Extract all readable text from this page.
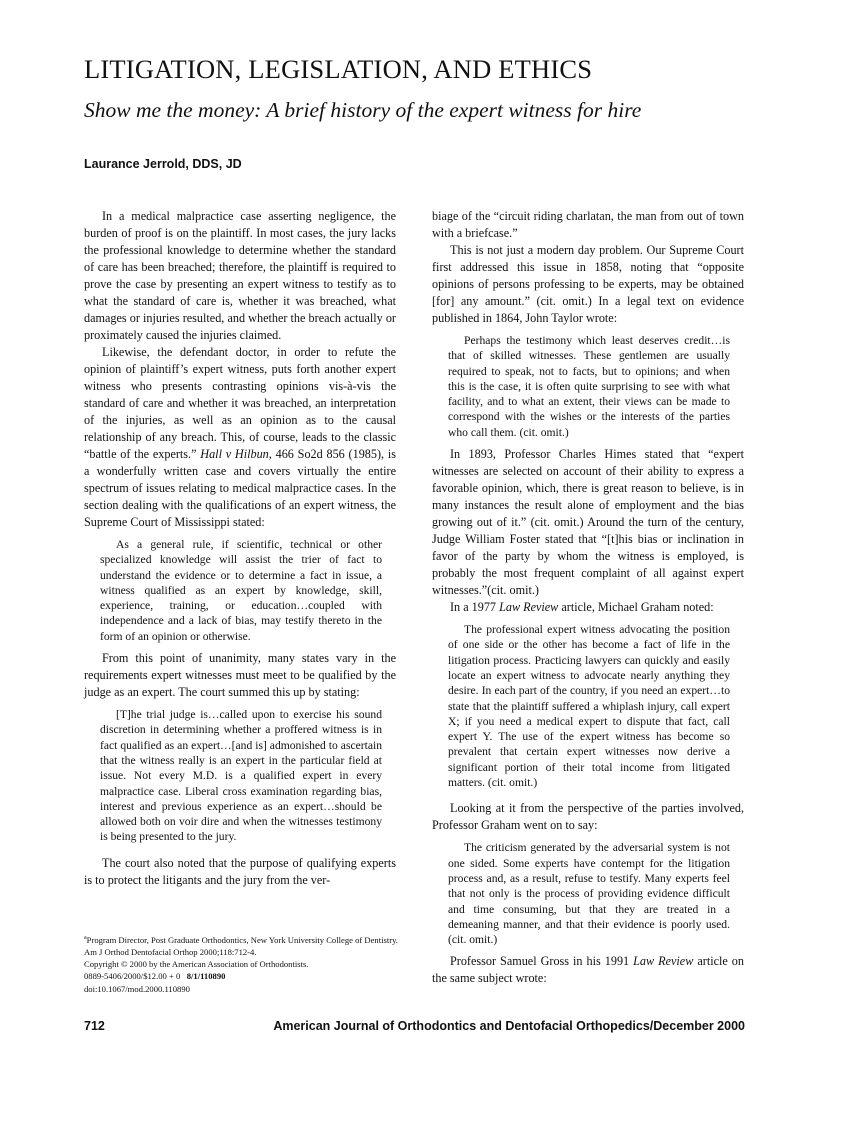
LITIGATION, LEGISLATION, AND ETHICS
Show me the money: A brief history of the expert witness for hire
Laurance Jerrold, DDS, JD

In a medical malpractice case asserting negligence, the burden of proof is on the plaintiff. In most cases, the jury lacks the professional knowledge to determine whether the standard of care has been breached; therefore, the plaintiff is required to prove the case by presenting an expert witness to testify as to what the standard of care is, whether it was breached, what damages or injuries resulted, and whether the breach actually or proximately caused the injuries claimed.

Likewise, the defendant doctor, in order to refute the opinion of plaintiff’s expert witness, puts forth another expert witness who presents contrasting opinions vis-à-vis the standard of care and whether it was breached, an interpretation of the injuries, as well as an opinion as to the causal relationship of any breach. This, of course, leads to the classic “battle of the experts.” Hall v Hilbun, 466 So2d 856 (1985), is a wonderfully written case and covers virtually the entire spectrum of issues relating to medical malpractice cases. In the section dealing with the qualifications of an expert witness, the Supreme Court of Mississippi stated:

As a general rule, if scientific, technical or other specialized knowledge will assist the trier of fact to understand the evidence or to determine a fact in issue, a witness qualified as an expert by knowledge, skill, experience, training, or education…coupled with independence and a lack of bias, may testify thereto in the form of an opinion or otherwise.

From this point of unanimity, many states vary in the requirements expert witnesses must meet to be qualified by the judge as an expert. The court summed this up by stating:

[T]he trial judge is…called upon to exercise his sound discretion in determining whether a proffered witness is in fact qualified as an expert…[and is] admonished to ascertain that the witness really is an expert in the particular field at issue. Not every M.D. is a qualified expert in every malpractice case. Liberal cross examination regarding bias, interest and previous experience as an expert…should be allowed both on voir dire and when the witnesses testimony is being presented to the jury.

The court also noted that the purpose of qualifying experts is to protect the litigants and the jury from the ver-

biage of the “circuit riding charlatan, the man from out of town with a briefcase.”

This is not just a modern day problem. Our Supreme Court first addressed this issue in 1858, noting that “opposite opinions of persons professing to be experts, may be obtained [for] any amount.” (cit. omit.) In a legal text on evidence published in 1864, John Taylor wrote:

Perhaps the testimony which least deserves credit…is that of skilled witnesses. These gentlemen are usually required to speak, not to facts, but to opinions; and when this is the case, it is often quite surprising to see with what facility, and to what an extent, their views can be made to correspond with the wishes or the interests of the parties who call them. (cit. omit.)

In 1893, Professor Charles Himes stated that “expert witnesses are selected on account of their ability to express a favorable opinion, which, there is great reason to believe, is in many instances the result alone of employment and the bias growing out of it.” (cit. omit.) Around the turn of the century, Judge William Foster stated that “[t]his bias or inclination in favor of the party by whom the witness is employed, is probably the most frequent complaint of all against expert witnesses.”(cit. omit.)

In a 1977 Law Review article, Michael Graham noted:

The professional expert witness advocating the position of one side or the other has become a fact of life in the litigation process. Practicing lawyers can quickly and easily locate an expert witness to advocate nearly anything they desire. In each part of the country, if you need an expert…to state that the plaintiff suffered a whiplash injury, call expert X; if you need a medical expert to dispute that fact, call expert Y. The use of the expert witness has become so prevalent that certain expert witnesses now derive a significant portion of their total income from litigated matters. (cit. omit.)

Looking at it from the perspective of the parties involved, Professor Graham went on to say:

The criticism generated by the adversarial system is not one sided. Some experts have contempt for the litigation process and, as a result, refuse to testify. Many experts feel that not only is the process of providing evidence difficult and time consuming, but that they are treated in a demeaning manner, and that their evidence is poorly used. (cit. omit.)

Professor Samuel Gross in his 1991 Law Review article on the same subject wrote:

$^a$Program Director, Post Graduate Orthodontics, New York University College of Dentistry.
Am J Orthod Dentofacial Orthop 2000;118:712-4.
Copyright © 2000 by the American Association of Orthodontists.
0889-5406/2000/$12.00 + 0 8/1/110890
doi:10.1067/mod.2000.110890
712	American Journal of Orthodontics and Dentofacial Orthopedics/December 2000
